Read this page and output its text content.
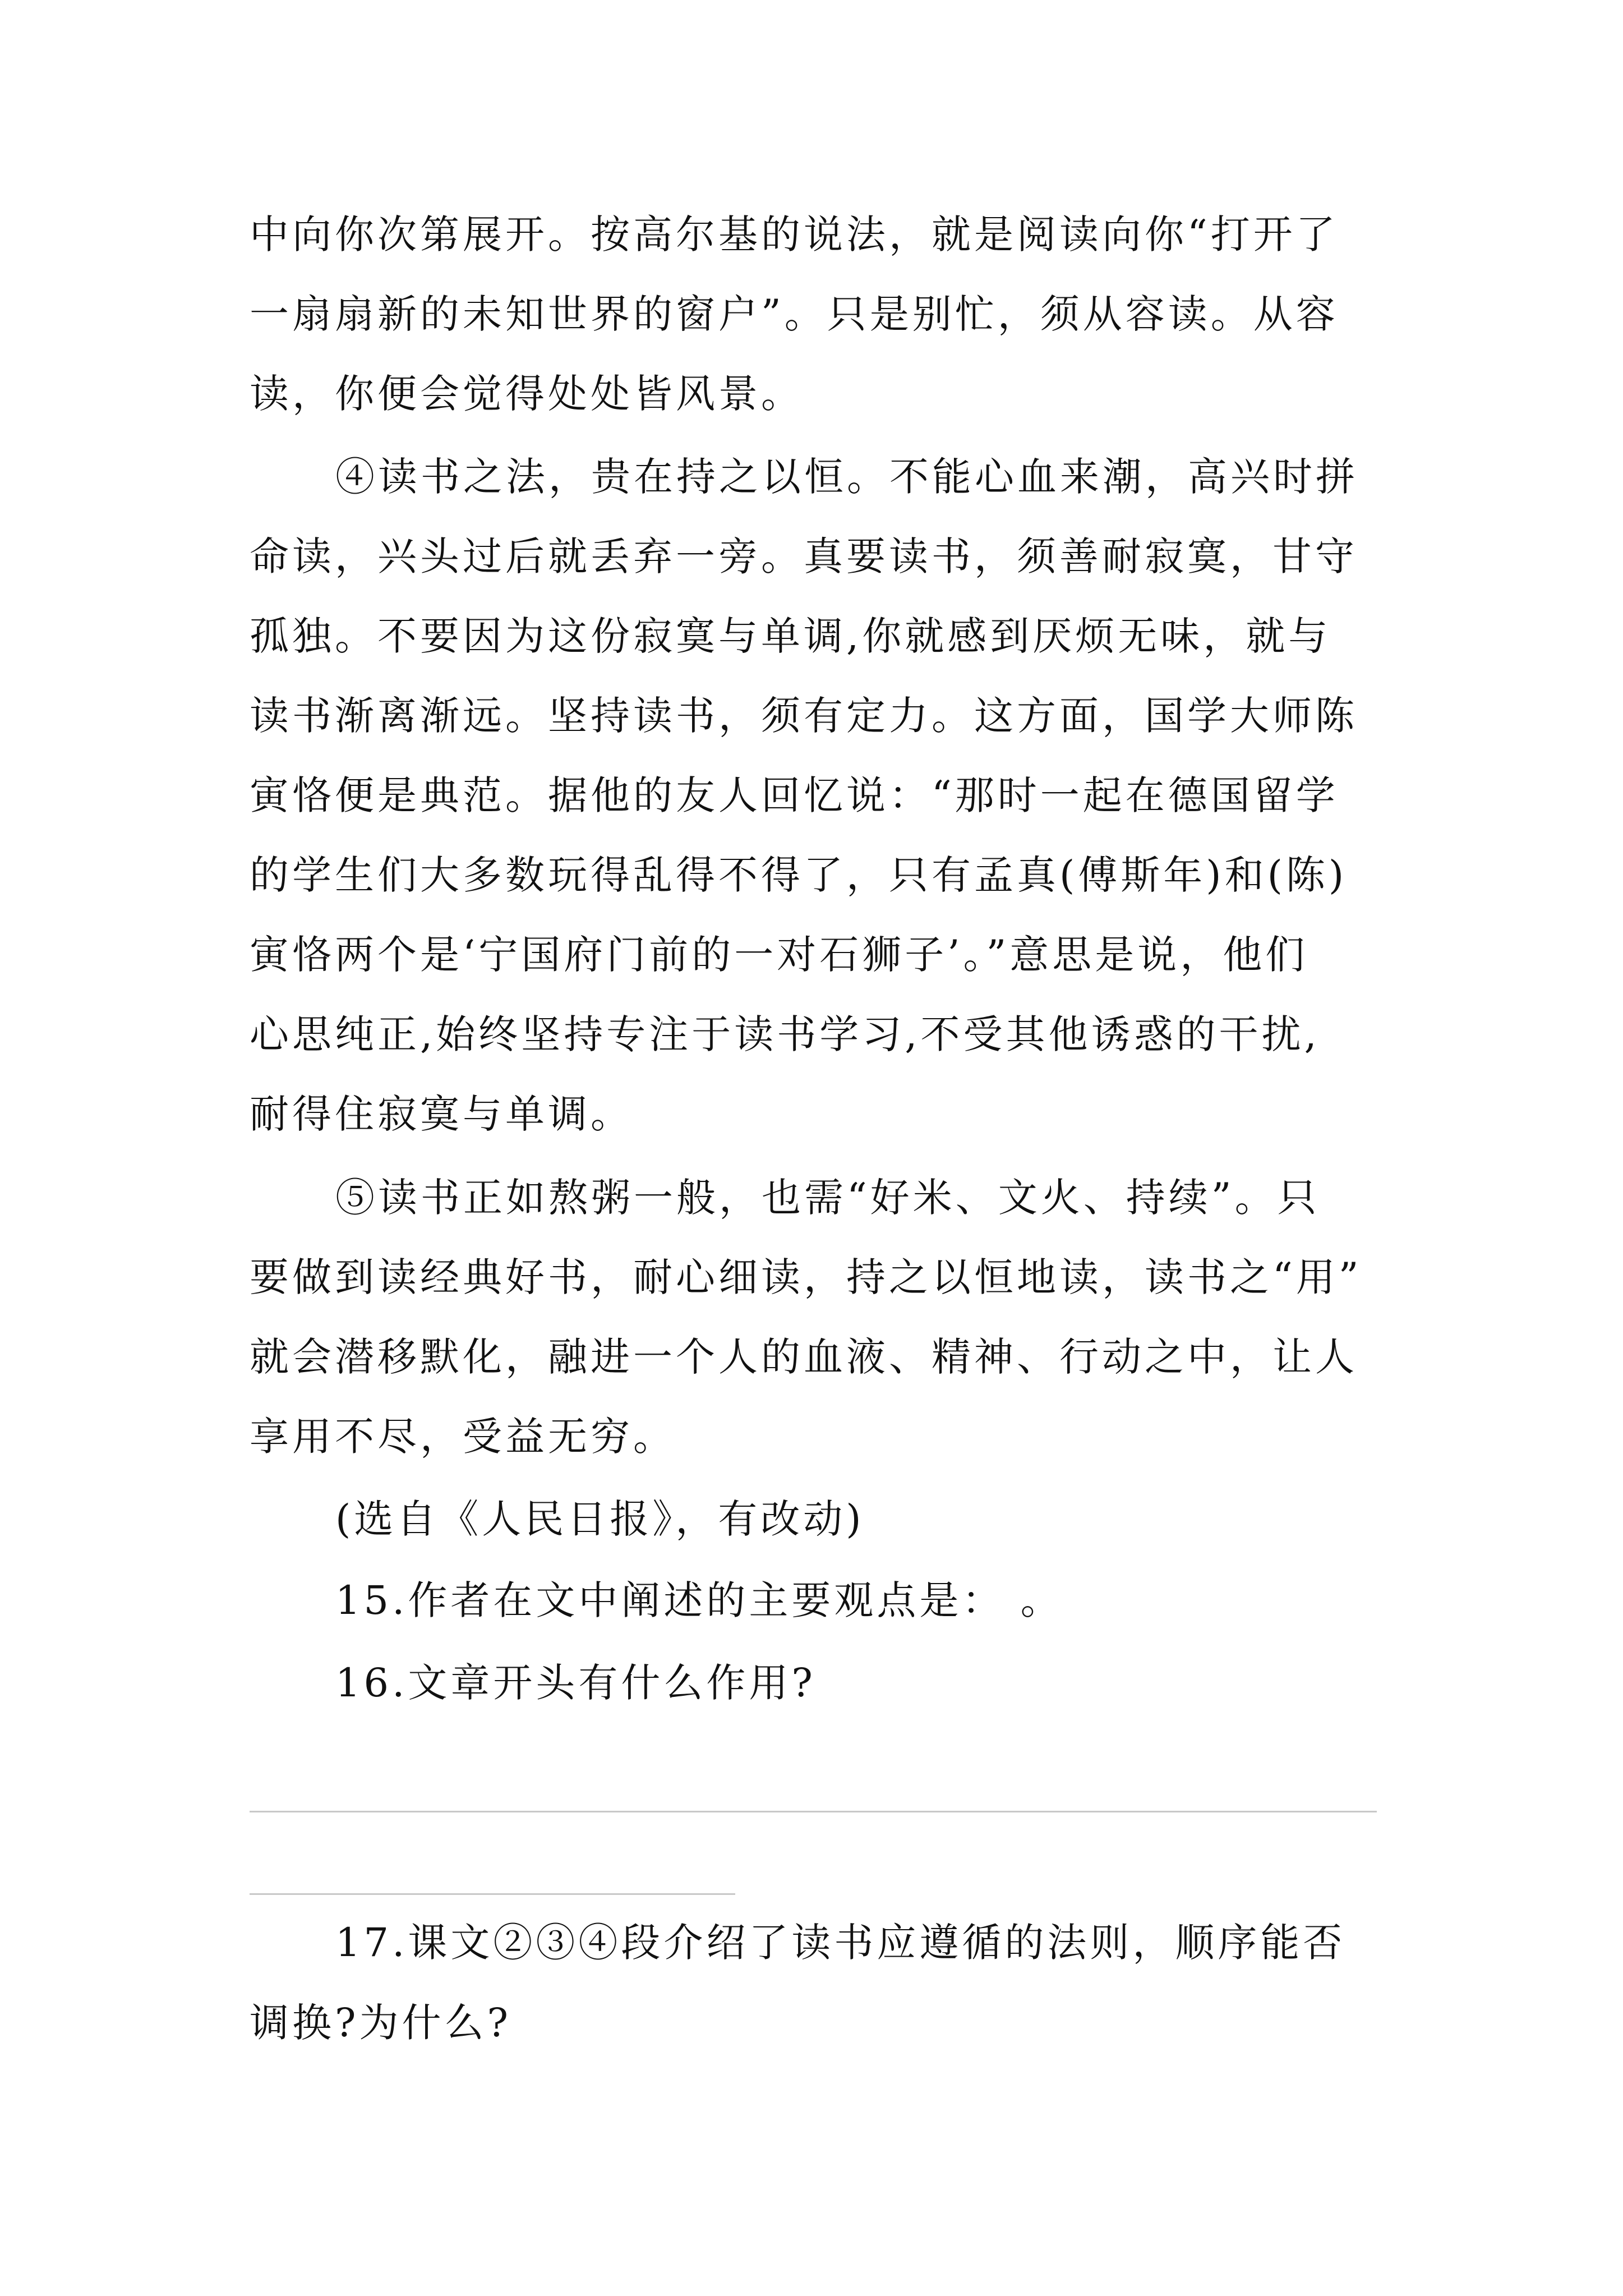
中向你次第展开。按高尔基的说法，就是阅读向你“打开了
一扇扇新的未知世界的窗户”。只是别忙，须从容读。从容
读，你便会觉得处处皆风景。
④读书之法，贵在持之以恒。不能心血来潮，高兴时拼
命读，兴头过后就丢弃一旁。真要读书，须善耐寂寞，甘守
孤独。不要因为这份寂寞与单调,你就感到厌烦无味，就与
读书渐离渐远。坚持读书，须有定力。这方面，国学大师陈
寅恪便是典范。据他的友人回忆说：“那时一起在德国留学
的学生们大多数玩得乱得不得了，只有孟真(傅斯年)和(陈)
寅恪两个是‘宁国府门前的一对石狮子’。”意思是说，他们
心思纯正,始终坚持专注于读书学习,不受其他诱惑的干扰,
耐得住寂寞与单调。
⑤读书正如熬粥一般，也需“好米、文火、持续”。只
要做到读经典好书，耐心细读，持之以恒地读，读书之“用”
就会潜移默化，融进一个人的血液、精神、行动之中，让人
享用不尽，受益无穷。
(选自《人民日报》，有改动)
15.作者在文中阐述的主要观点是： 。
16.文章开头有什么作用?
17.课文②③④段介绍了读书应遵循的法则，顺序能否
调换?为什么?
